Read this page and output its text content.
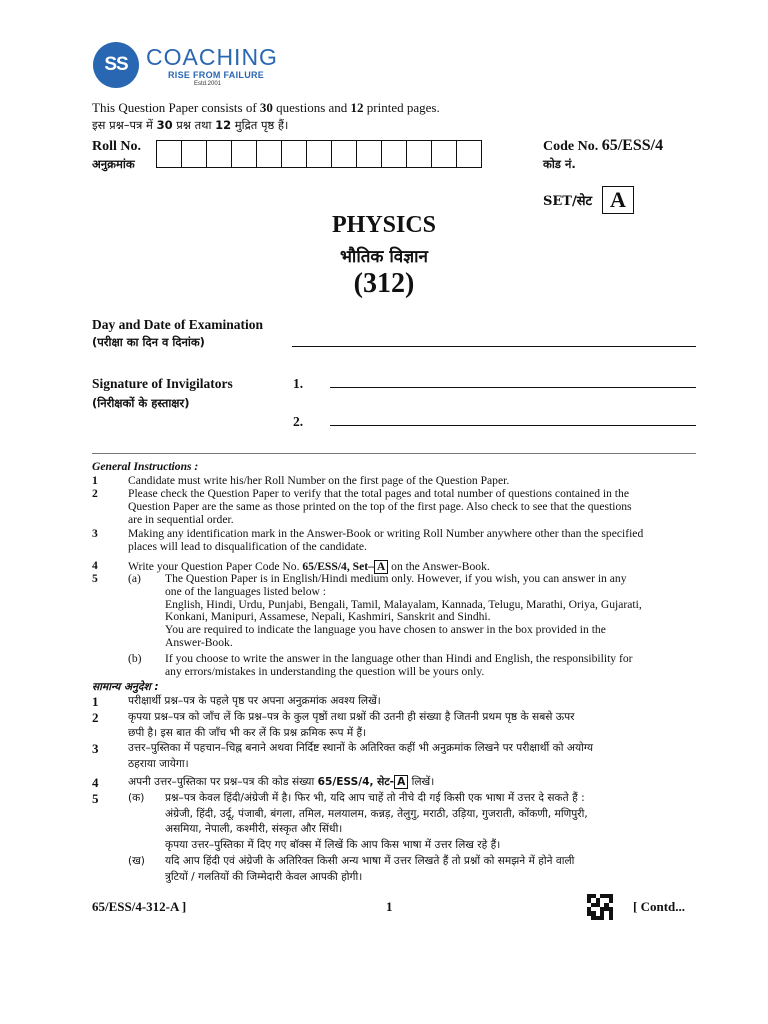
SS COACHING
RISE FROM FAILURE
Estd.2001
This Question Paper consists of 30 questions and 12 printed pages.
इस प्रश्न–पत्र में 30 प्रश्न तथा 12 मुद्रित पृष्ठ हैं।
Roll No.
अनुक्रमांक
Code No. 65/ESS/4
कोड नं.
SET/सेट A
PHYSICS
भौतिक विज्ञान
(312)
Day and Date of Examination
(परीक्षा का दिन व दिनांक)
Signature of Invigilators
(निरीक्षकों के हस्ताक्षर)
1.
2.
General Instructions :
1	Candidate must write his/her Roll Number on the first page of the Question Paper.
2	Please check the Question Paper to verify that the total pages and total number of questions contained in the
Question Paper are the same as those printed on the top of the first page. Also check to see that the questions
are in sequential order.
3	Making any identification mark in the Answer-Book or writing Roll Number anywhere other than the specified
places will lead to disqualification of the candidate.
4	Write your Question Paper Code No. 65/ESS/4, Set– A on the Answer-Book.
5	(a) The Question Paper is in English/Hindi medium only. However, if you wish, you can answer in any
one of the languages listed below :
English, Hindi, Urdu, Punjabi, Bengali, Tamil, Malayalam, Kannada, Telugu, Marathi, Oriya, Gujarati,
Konkani, Manipuri, Assamese, Nepali, Kashmiri, Sanskrit and Sindhi.
You are required to indicate the language you have chosen to answer in the box provided in the
Answer-Book.
(b) If you choose to write the answer in the language other than Hindi and English, the responsibility for
any errors/mistakes in understanding the question will be yours only.
सामान्य अनुदेश :
1	परीक्षार्थी प्रश्न–पत्र के पहले पृष्ठ पर अपना अनुक्रमांक अवश्य लिखें।
2	कृपया प्रश्न–पत्र को जाँच लें कि प्रश्न–पत्र के कुल पृष्ठों तथा प्रश्नों की उतनी ही संख्या है जितनी प्रथम पृष्ठ के सबसे ऊपर
छपी है। इस बात की जाँच भी कर लें कि प्रश्न क्रमिक रूप में हैं।
3	उत्तर–पुस्तिका में पहचान–चिह्न बनाने अथवा निर्दिष्ट स्थानों के अतिरिक्त कहीं भी अनुक्रमांक लिखने पर परीक्षार्थी को अयोग्य
ठहराया जायेगा।
4	अपनी उत्तर–पुस्तिका पर प्रश्न–पत्र की कोड संख्या 65/ESS/4, सेट- A लिखें।
5	(क) प्रश्न–पत्र केवल हिंदी/अंग्रेजी में है। फिर भी, यदि आप चाहें तो नीचे दी गई किसी एक भाषा में उत्तर दे सकते हैं :
अंग्रेजी, हिंदी, उर्दू, पंजाबी, बंगला, तमिल, मलयालम, कन्नड़, तेलुगु, मराठी, उड़िया, गुजराती, कोंकणी, मणिपुरी,
असमिया, नेपाली, कश्मीरी, संस्कृत और सिंधी।
कृपया उत्तर–पुस्तिका में दिए गए बॉक्स में लिखें कि आप किस भाषा में उत्तर लिख रहे हैं।
(ख) यदि आप हिंदी एवं अंग्रेजी के अतिरिक्त किसी अन्य भाषा में उत्तर लिखते हैं तो प्रश्नों को समझने में होने वाली
त्रुटियों / गलतियों की जिम्मेदारी केवल आपकी होगी।
65/ESS/4-312-A ]	1	[ Contd...
